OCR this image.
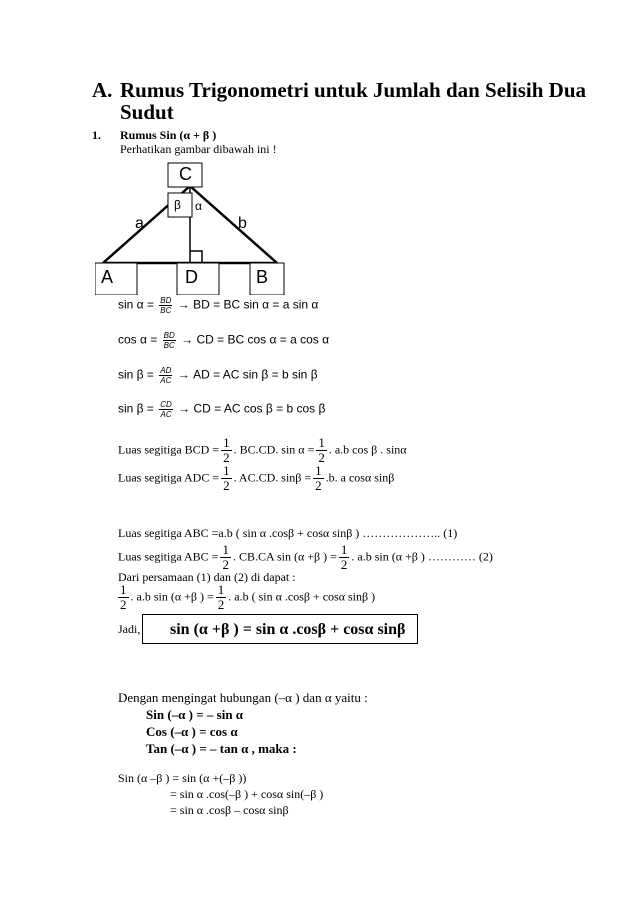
A. Rumus Trigonometri untuk Jumlah dan Selisih Dua
Sudut
1. Rumus Sin (α + β )
Perhatikan gambar dibawah ini !
C
β α
a	b
A	D	B
$\sin \alpha = \frac{BD}{BC}$ → BD = BC sin α = a sin α
$\cos \alpha = \frac{BD}{BC}$ → CD = BC cos α = a cos α
$\sin \beta = \frac{AD}{AC}$ → AD = AC sin β = b sin β
$\sin \beta = \frac{CD}{AC}$ → CD = AC cos β = b cos β
Luas segitiga BCD = $\frac{1}{2}$ . BC.CD. $\sin \alpha = \frac{1}{2}$ . a.b cos β . sinα
Luas segitiga ADC = $\frac{1}{2}$ . AC.CD. $\sin\beta = \frac{1}{2} .b$. a cosα sinβ
Luas segitiga ABC =a.b ( sin α .cosβ + cosα sinβ ) ……………….. (1)
Luas segitiga ABC = $\frac{1}{2}$ . CB.CA sin (α +β ) = $\frac{1}{2}$ . a.b sin (α +β ) ………… (2)
Dari persamaan (1) dan (2) di dapat :
$\frac{1}{2}$ . a.b sin (α +β ) = $\frac{1}{2}$ . a.b ( sin α .cosβ + cosα sinβ )
Jadi, sin (α +β ) = sin α .cosβ + cosα sinβ
Dengan mengingat hubungan (–α ) dan α yaitu :
Sin (–α ) = – sin α
Cos (–α ) = cos α
Tan (–α ) = – tan α , maka :
Sin (α –β ) = sin (α +(–β ))
= sin α .cos(–β ) + cosα sin(–β )
= sin α .cosβ – cosα sinβ
